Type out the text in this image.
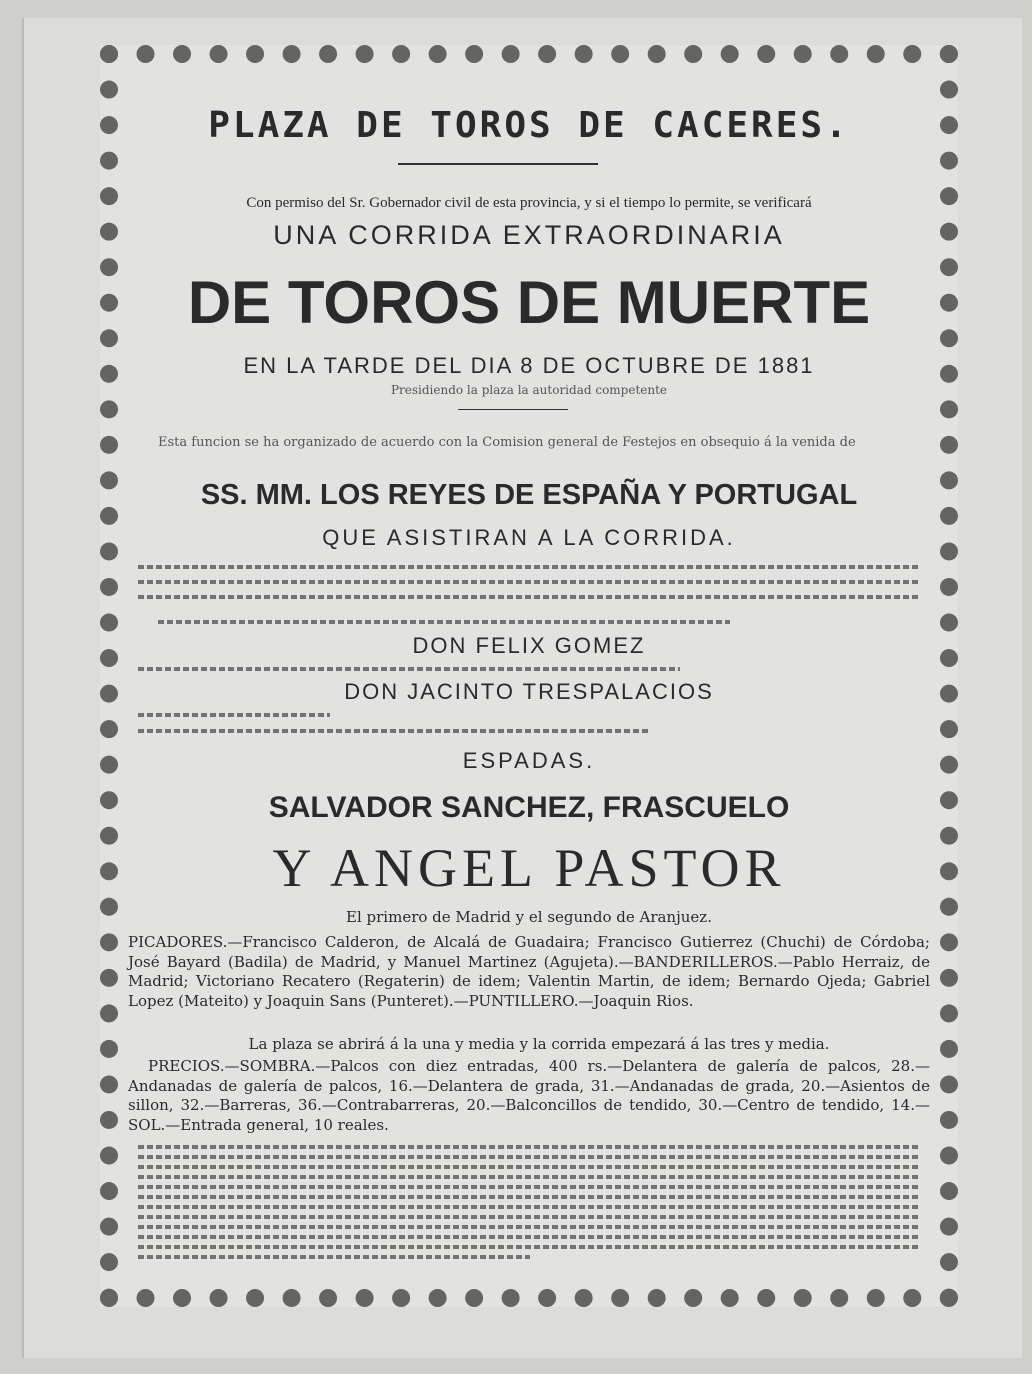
PLAZA DE TOROS DE CACERES.
Con permiso del Sr. Gobernador civil de esta provincia, y si el tiempo lo permite, se verificará
UNA CORRIDA EXTRAORDINARIA
DE TOROS DE MUERTE
EN LA TARDE DEL DIA 8 DE OCTUBRE DE 1881
Presidiendo la plaza la autoridad competente
Esta funcion se ha organizado de acuerdo con la Comision general de Festejos en obsequio á la venida de
SS. MM. LOS REYES DE ESPAÑA Y PORTUGAL
QUE ASISTIRAN A LA CORRIDA.
DON FELIX GOMEZ
DON JACINTO TRESPALACIOS
ESPADAS.
SALVADOR SANCHEZ, FRASCUELO
Y ANGEL PASTOR
El primero de Madrid y el segundo de Aranjuez.
PICADORES.—Francisco Calderon, de Alcalá de Guadaira; Francisco Gutierrez (Chuchi) de Córdoba; José Bayard (Badila) de Madrid, y Manuel Martinez (Agujeta).—BANDERILLEROS.—Pablo Herraiz, de Madrid; Victoriano Recatero (Regaterin) de idem; Valentin Martin, de idem; Bernardo Ojeda; Gabriel Lopez (Mateito) y Joaquin Sans (Punteret).—PUNTILLERO.—Joaquin Rios.
La plaza se abrirá á la una y media y la corrida empezará á las tres y media.
PRECIOS.—SOMBRA.—Palcos con diez entradas, 400 rs.—Delantera de galería de palcos, 28.—Andanadas de galería de palcos, 16.—Delantera de grada, 31.—Andanadas de grada, 20.—Asientos de sillon, 32.—Barreras, 36.—Contrabarreras, 20.—Balconcillos de tendido, 30.—Centro de tendido, 14.—SOL.—Entrada general, 10 reales.
